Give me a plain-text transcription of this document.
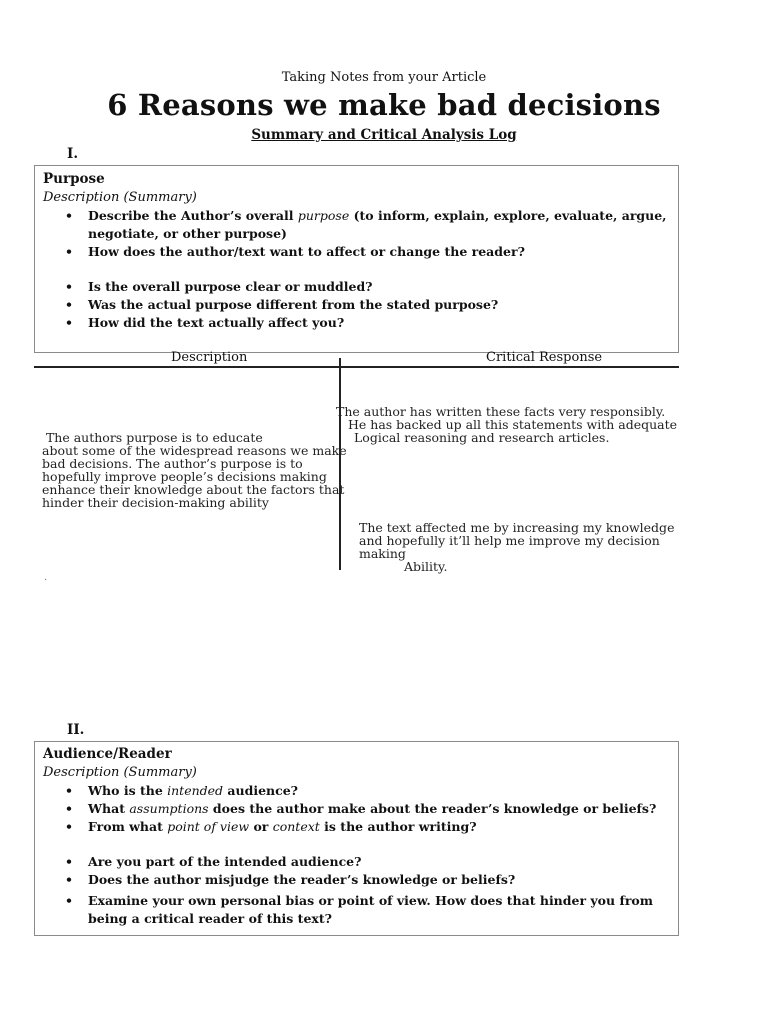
Taking Notes from your Article
6 Reasons we make bad decisions
Summary and Critical Analysis Log
I.
Purpose
Description (Summary)
• Describe the Author’s overall purpose (to inform, explain, explore, evaluate, argue, negotiate, or other purpose)
• How does the author/text want to affect or change the reader?
• Is the overall purpose clear or muddled?
• Was the actual purpose different from the stated purpose?
• How did the text actually affect you?
Description	Critical Response
The authors purpose is to educate
about some of the widespread reasons we make
bad decisions. The author’s purpose is to
hopefully improve people’s decisions making
enhance their knowledge about the factors that
hinder their decision-making ability
The author has written these facts very responsibly.
He has backed up all this statements with adequate
Logical reasoning and research articles.
The text affected me by increasing my knowledge
and hopefully it’ll help me improve my decision
making
Ability.
.
II.
Audience/Reader
Description (Summary)
• Who is the intended audience?
• What assumptions does the author make about the reader’s knowledge or beliefs?
• From what point of view or context is the author writing?
• Are you part of the intended audience?
• Does the author misjudge the reader’s knowledge or beliefs?
• Examine your own personal bias or point of view. How does that hinder you from being a critical reader of this text?
